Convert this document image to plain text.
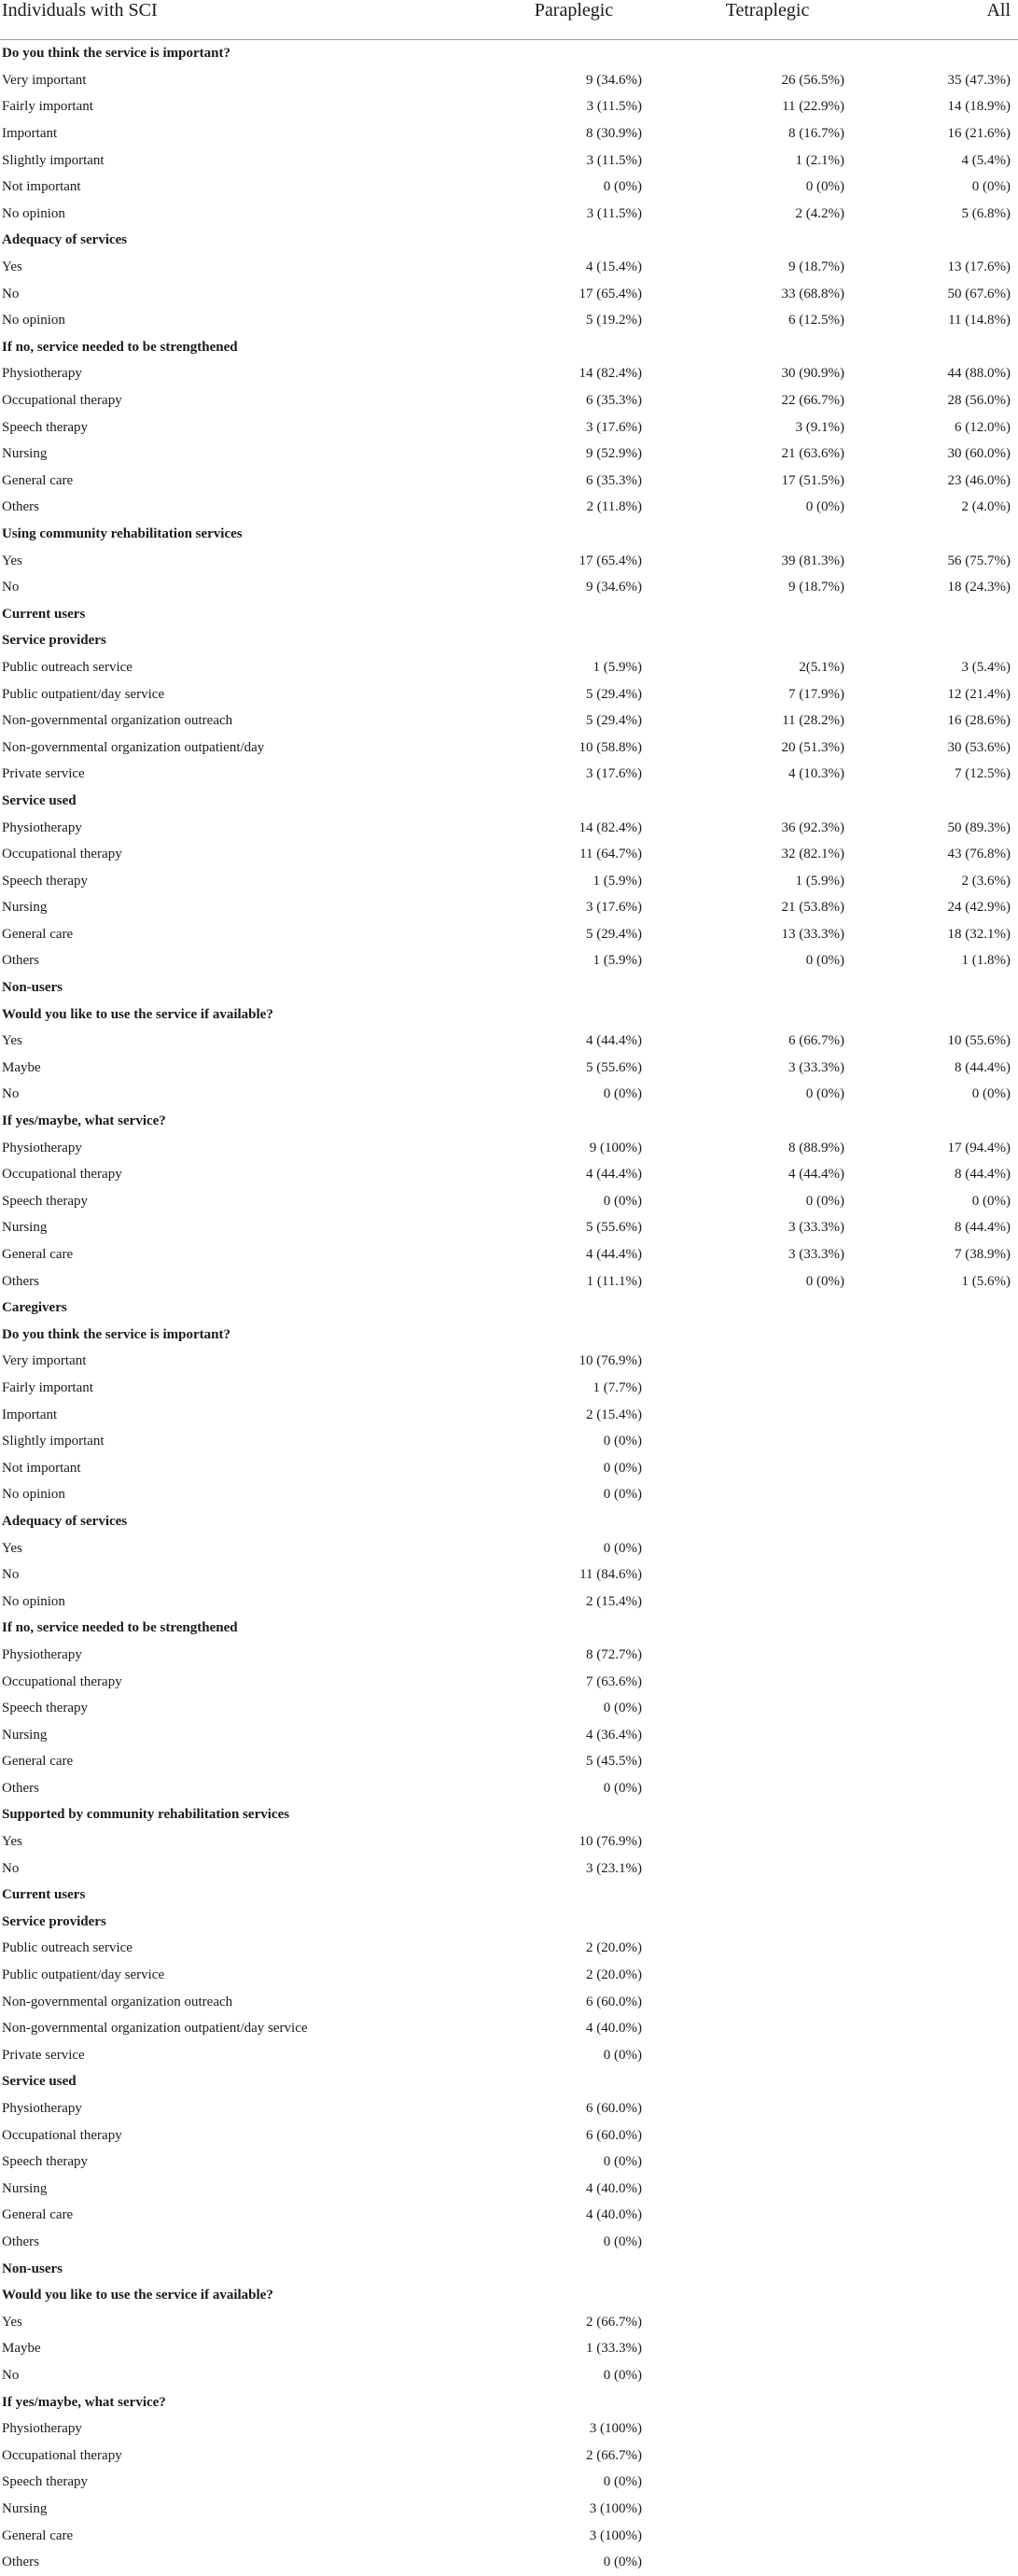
Individuals with SCI	Paraplegic	Tetraplegic	All
Do you think the service is important?			
Very important	9 (34.6%)	26 (56.5%)	35 (47.3%)
Fairly important	3 (11.5%)	11 (22.9%)	14 (18.9%)
Important	8 (30.9%)	8 (16.7%)	16 (21.6%)
Slightly important	3 (11.5%)	1 (2.1%)	4 (5.4%)
Not important	0 (0%)	0 (0%)	0 (0%)
No opinion	3 (11.5%)	2 (4.2%)	5 (6.8%)
Adequacy of services			
Yes	4 (15.4%)	9 (18.7%)	13 (17.6%)
No	17 (65.4%)	33 (68.8%)	50 (67.6%)
No opinion	5 (19.2%)	6 (12.5%)	11 (14.8%)
If no, service needed to be strengthened			
Physiotherapy	14 (82.4%)	30 (90.9%)	44 (88.0%)
Occupational therapy	6 (35.3%)	22 (66.7%)	28 (56.0%)
Speech therapy	3 (17.6%)	3 (9.1%)	6 (12.0%)
Nursing	9 (52.9%)	21 (63.6%)	30 (60.0%)
General care	6 (35.3%)	17 (51.5%)	23 (46.0%)
Others	2 (11.8%)	0 (0%)	2 (4.0%)
Using community rehabilitation services			
Yes	17 (65.4%)	39 (81.3%)	56 (75.7%)
No	9 (34.6%)	9 (18.7%)	18 (24.3%)
Current users			
Service providers			
Public outreach service	1 (5.9%)	2(5.1%)	3 (5.4%)
Public outpatient/day service	5 (29.4%)	7 (17.9%)	12 (21.4%)
Non-governmental organization outreach	5 (29.4%)	11 (28.2%)	16 (28.6%)
Non-governmental organization outpatient/day	10 (58.8%)	20 (51.3%)	30 (53.6%)
Private service	3 (17.6%)	4 (10.3%)	7 (12.5%)
Service used			
Physiotherapy	14 (82.4%)	36 (92.3%)	50 (89.3%)
Occupational therapy	11 (64.7%)	32 (82.1%)	43 (76.8%)
Speech therapy	1 (5.9%)	1 (5.9%)	2 (3.6%)
Nursing	3 (17.6%)	21 (53.8%)	24 (42.9%)
General care	5 (29.4%)	13 (33.3%)	18 (32.1%)
Others	1 (5.9%)	0 (0%)	1 (1.8%)
Non-users			
Would you like to use the service if available?			
Yes	4 (44.4%)	6 (66.7%)	10 (55.6%)
Maybe	5 (55.6%)	3 (33.3%)	8 (44.4%)
No	0 (0%)	0 (0%)	0 (0%)
If yes/maybe, what service?			
Physiotherapy	9 (100%)	8 (88.9%)	17 (94.4%)
Occupational therapy	4 (44.4%)	4 (44.4%)	8 (44.4%)
Speech therapy	0 (0%)	0 (0%)	0 (0%)
Nursing	5 (55.6%)	3 (33.3%)	8 (44.4%)
General care	4 (44.4%)	3 (33.3%)	7 (38.9%)
Others	1 (11.1%)	0 (0%)	1 (5.6%)
Caregivers			
Do you think the service is important?			
Very important	10 (76.9%)		
Fairly important	1 (7.7%)		
Important	2 (15.4%)		
Slightly important	0 (0%)		
Not important	0 (0%)		
No opinion	0 (0%)		
Adequacy of services			
Yes	0 (0%)		
No	11 (84.6%)		
No opinion	2 (15.4%)		
If no, service needed to be strengthened			
Physiotherapy	8 (72.7%)		
Occupational therapy	7 (63.6%)		
Speech therapy	0 (0%)		
Nursing	4 (36.4%)		
General care	5 (45.5%)		
Others	0 (0%)		
Supported by community rehabilitation services			
Yes	10 (76.9%)		
No	3 (23.1%)		
Current users			
Service providers			
Public outreach service	2 (20.0%)		
Public outpatient/day service	2 (20.0%)		
Non-governmental organization outreach	6 (60.0%)		
Non-governmental organization outpatient/day service	4 (40.0%)		
Private service	0 (0%)		
Service used			
Physiotherapy	6 (60.0%)		
Occupational therapy	6 (60.0%)		
Speech therapy	0 (0%)		
Nursing	4 (40.0%)		
General care	4 (40.0%)		
Others	0 (0%)		
Non-users			
Would you like to use the service if available?			
Yes	2 (66.7%)		
Maybe	1 (33.3%)		
No	0 (0%)		
If yes/maybe, what service?			
Physiotherapy	3 (100%)		
Occupational therapy	2 (66.7%)		
Speech therapy	0 (0%)		
Nursing	3 (100%)		
General care	3 (100%)		
Others	0 (0%)		
